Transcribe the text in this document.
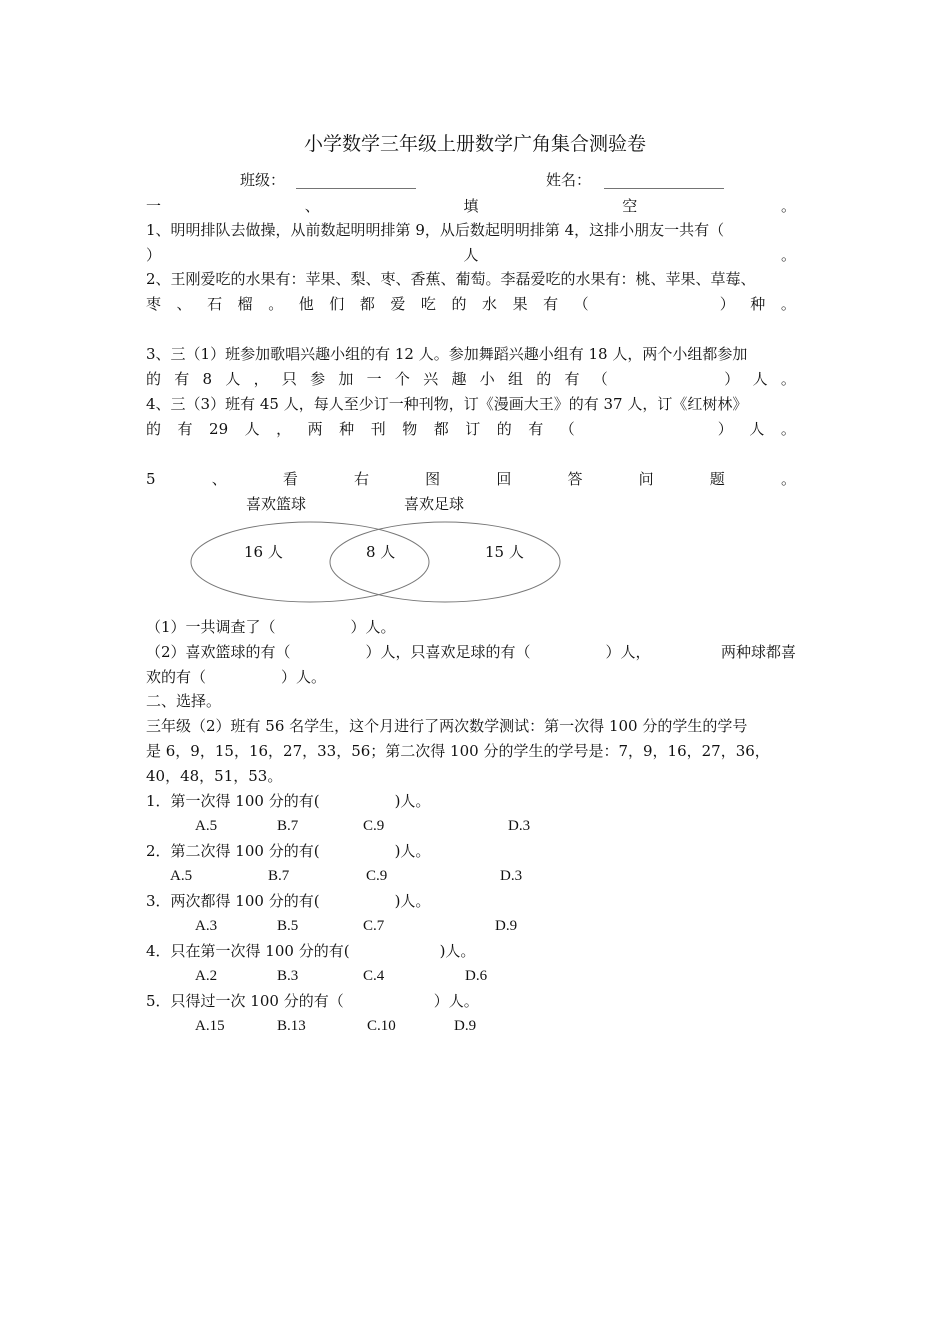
小学数学三年级上册数学广角集合测验卷
班级： ________________	姓名： ________________
一	、	填	空	。
1、明明排队去做操，从前数起明明排第 9，从后数起明明排第 4，这排小朋友一共有（
）	人	。
2、王刚爱吃的水果有：苹果、梨、枣、香蕉、葡萄。李磊爱吃的水果有：桃、苹果、草莓、
枣 、 石 榴 。 他 们 都 爱 吃 的 水 果 有 （	） 种 。
3、三（1）班参加歌唱兴趣小组的有 12 人。参加舞蹈兴趣小组有 18 人，两个小组都参加
的 有 8 人 ， 只 参 加 一 个 兴 趣 小 组 的 有 （	） 人 。
4、三（3）班有 45 人，每人至少订一种刊物，订《漫画大王》的有 37 人，订《红树林》
的 有 29 人 ， 两 种 刊 物 都 订 的 有 （	） 人 。
5	、	看	右	图	回	答	问	题	。
喜欢篮球	喜欢足球
16 人	8 人	15 人
（1）一共调查了（　　　　　）人。
（2）喜欢篮球的有（　　　　　）人，只喜欢足球的有（　　　　　）人，	两种球都喜
欢的有（　　　　　）人。
二、选择。
三年级（2）班有 56 名学生，这个月进行了两次数学测试：第一次得 100 分的学生的学号
是 6，9，15，16，27，33，56；第二次得 100 分的学生的学号是：7，9，16，27，36，
40，48，51，53。
1．第一次得 100 分的有(　　　　　)人。
A.5	B.7	C.9	D.3
2．第二次得 100 分的有(　　　　　)人。
A.5	B.7	C.9	D.3
3．两次都得 100 分的有(　　　　　)人。
A.3	B.5	C.7	D.9
4．只在第一次得 100 分的有(　　　　　　)人。
A.2	B.3	C.4	D.6
5．只得过一次 100 分的有（　　　　　　）人。
A.15	B.13	C.10	D.9
